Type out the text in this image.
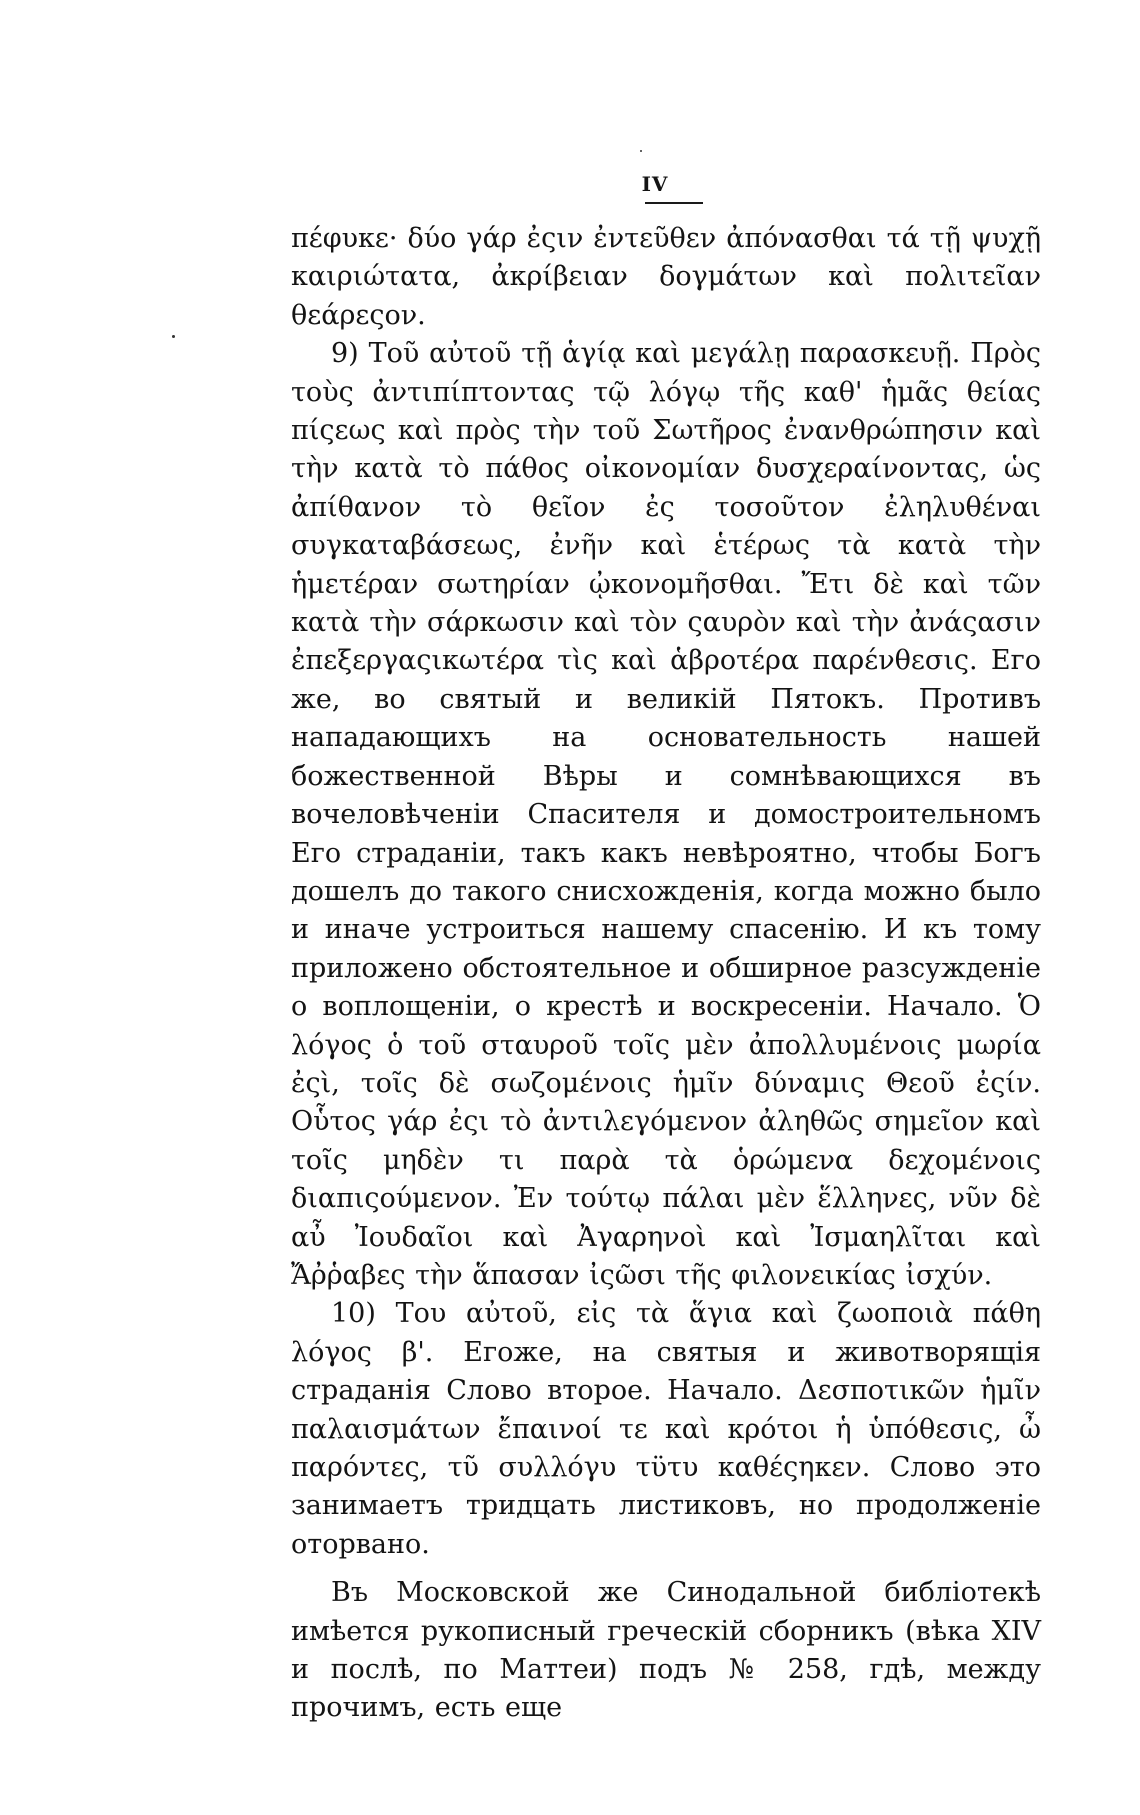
IV

πέφυκε· δύο γάρ ἐςιν ἐντεῦθεν ἀπόνασθαι τά τῇ ψυχῇ καιριώτατα, ἀκρίβειαν δογμάτων καὶ πολιτεῖαν θεάρεςον.

9) Τοῦ αὐτοῦ τῇ ἁγίᾳ καὶ μεγάλῃ παρασκευῇ. Πρὸς τοὺς ἀντιπίπτοντας τῷ λόγῳ τῆς καθ' ἡμᾶς θείας πίςεως καὶ πρὸς τὴν τοῦ Σωτῆρος ἐνανθρώπησιν καὶ τὴν κατὰ τὸ πάθος οἰκονομίαν δυσχεραίνοντας, ὡς ἀπίθανον τὸ θεῖον ἐς τοσοῦτον ἐληλυθέναι συγκαταβάσεως, ἐνῆν καὶ ἑτέρως τὰ κατὰ τὴν ἡμετέραν σωτηρίαν ᾠκονομῆσθαι. Ἔτι δὲ καὶ τῶν κατὰ τὴν σάρκωσιν καὶ τὸν ςαυρὸν καὶ τὴν ἀνάςασιν ἐπεξεργαςικωτέρα τὶς καὶ ἁβροτέρα παρένθεσις. Его же, во святый и великій Пятокъ. Противъ нападающихъ на основательность нашей божественной Вѣры и сомнѣвающихся въ вочеловѣченіи Спасителя и домостроительномъ Его страданіи, такъ какъ невѣроятно, чтобы Богъ дошелъ до такого снисхожденія, когда можно было и иначе устроиться нашему спасенію. И къ тому приложено обстоятельное и обширное разсужденіе о воплощеніи, о крестѣ и воскресеніи. Начало. Ὁ λόγος ὁ τοῦ σταυροῦ τοῖς μὲν ἀπολλυμένοις μωρία ἐςὶ, τοῖς δὲ σωζομένοις ἡμῖν δύναμις Θεοῦ ἐςίν. Οὗτος γάρ ἐςι τὸ ἀντιλεγόμενον ἀληθῶς σημεῖον καὶ τοῖς μηδὲν τι παρὰ τὰ ὁρώμενα δεχομένοις διαπιςούμενον. Ἐν τούτῳ πάλαι μὲν ἕλληνες, νῦν δὲ αὖ Ἰουδαῖοι καὶ Ἀγαρηνοὶ καὶ Ἰσμαηλῖται καὶ Ἄῤῥαβες τὴν ἅπασαν ἰςῶσι τῆς φιλονεικίας ἰσχύν.

10) Του αὐτοῦ, εἰς τὰ ἅγια καὶ ζωοποιὰ πάθη λόγος β'. Егоже, на святыя и животворящія страданія Слово второе. Начало. Δεσποτικῶν ἡμῖν παλαισμάτων ἔπαινοί τε καὶ κρότοι ἡ ὑπόθεσις, ὦ παρόντες, τῦ συλλόγυ τϋτυ καθέςηκεν. Слово это занимаетъ тридцать листиковъ, но продолженіе оторвано.

Въ Московской же Синодальной библіотекѣ имѣется рукописный греческій сборникъ (вѣка XIV и послѣ, по Маттеи) подъ № 258, гдѣ, между прочимъ, есть еще
